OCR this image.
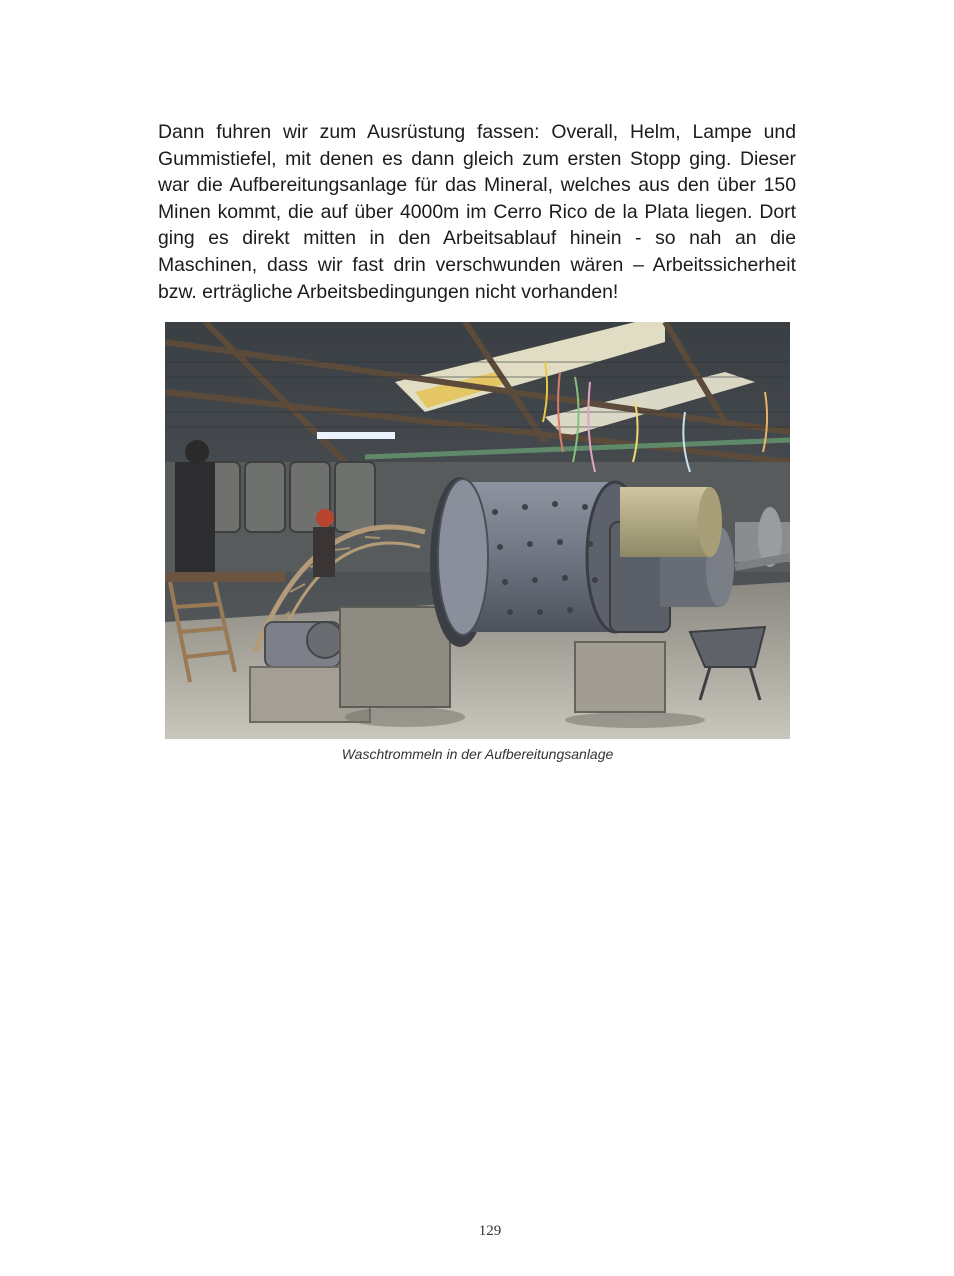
Dann fuhren wir zum Ausrüstung fassen: Overall, Helm, Lampe und Gummistiefel, mit denen es dann gleich zum ersten Stopp ging. Dieser war die Aufbereitungsanlage für das Mineral, welches aus den über 150 Minen kommt, die auf über 4000m im Cerro Rico de la Plata liegen. Dort ging es direkt mitten in den Arbeitsablauf hinein - so nah an die Maschinen, dass wir fast drin verschwunden wären – Arbeitssicherheit bzw. erträgliche Arbeitsbedingungen nicht vorhanden!

Waschtrommeln in der Aufbereitungsanlage
129
